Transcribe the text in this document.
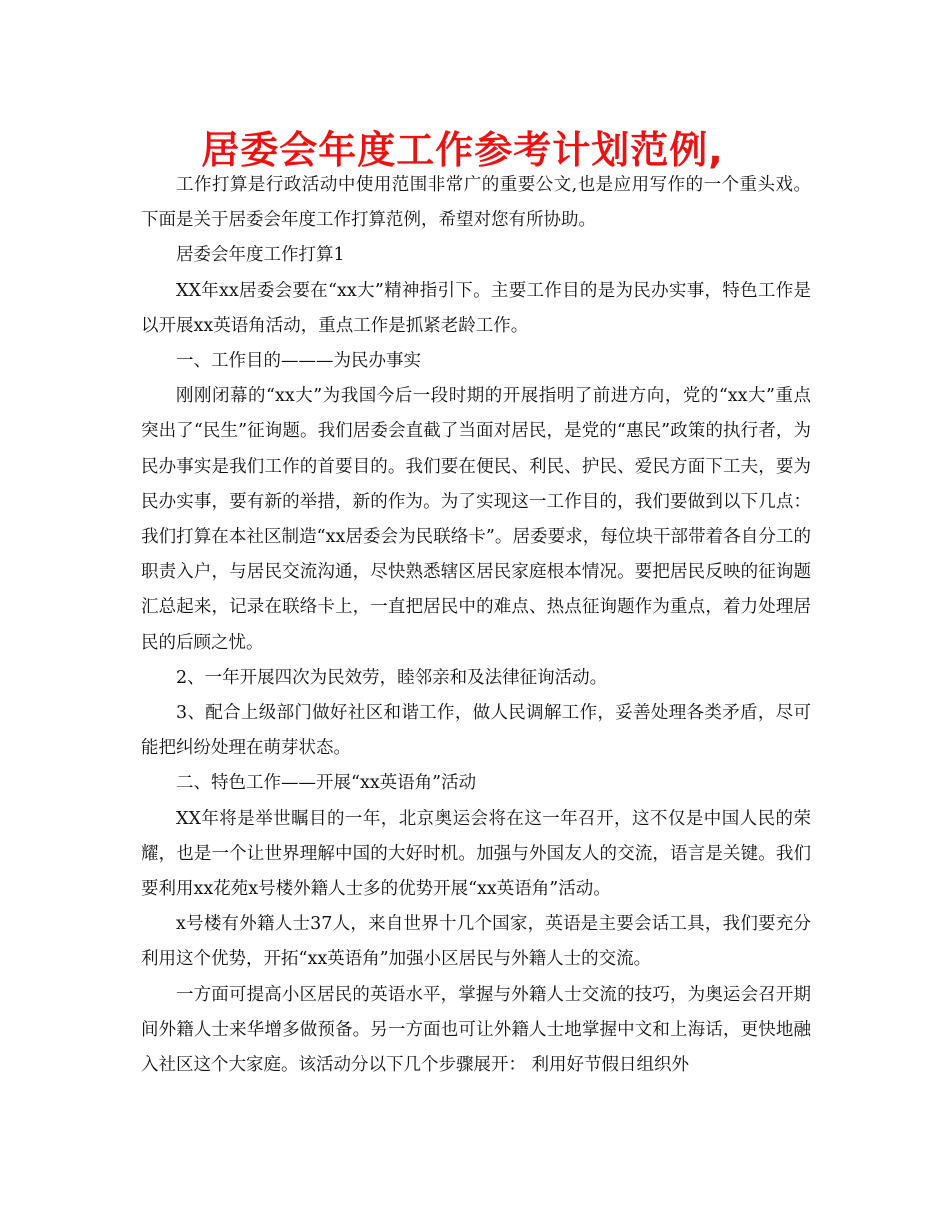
居委会年度工作参考计划范例,

工作打算是行政活动中使用范围非常广的重要公文,也是应用写作的一个重头戏。下面是关于居委会年度工作打算范例，希望对您有所协助。

居委会年度工作打算1

XX年xx居委会要在“xx大”精神指引下。主要工作目的是为民办实事，特色工作是以开展xx英语角活动，重点工作是抓紧老龄工作。

一、工作目的———为民办事实

刚刚闭幕的“xx大”为我国今后一段时期的开展指明了前进方向，党的“xx大”重点突出了“民生”征询题。我们居委会直截了当面对居民，是党的“惠民”政策的执行者，为民办事实是我们工作的首要目的。我们要在便民、利民、护民、爱民方面下工夫，要为民办实事，要有新的举措，新的作为。为了实现这一工作目的，我们要做到以下几点： 我们打算在本社区制造“xx居委会为民联络卡”。居委要求，每位块干部带着各自分工的职责入户，与居民交流沟通，尽快熟悉辖区居民家庭根本情况。要把居民反映的征询题汇总起来，记录在联络卡上，一直把居民中的难点、热点征询题作为重点，着力处理居民的后顾之忧。

2、一年开展四次为民效劳，睦邻亲和及法律征询活动。

3、配合上级部门做好社区和谐工作，做人民调解工作，妥善处理各类矛盾，尽可能把纠纷处理在萌芽状态。

二、特色工作——开展“xx英语角”活动

XX年将是举世瞩目的一年，北京奥运会将在这一年召开，这不仅是中国人民的荣耀，也是一个让世界理解中国的大好时机。加强与外国友人的交流，语言是关键。我们要利用xx花苑x号楼外籍人士多的优势开展“xx英语角”活动。

x号楼有外籍人士37人，来自世界十几个国家，英语是主要会话工具，我们要充分利用这个优势，开拓“xx英语角”加强小区居民与外籍人士的交流。

一方面可提高小区居民的英语水平，掌握与外籍人士交流的技巧，为奥运会召开期间外籍人士来华增多做预备。另一方面也可让外籍人士地掌握中文和上海话，更快地融入社区这个大家庭。该活动分以下几个步骤展开： 利用好节假日组织外
